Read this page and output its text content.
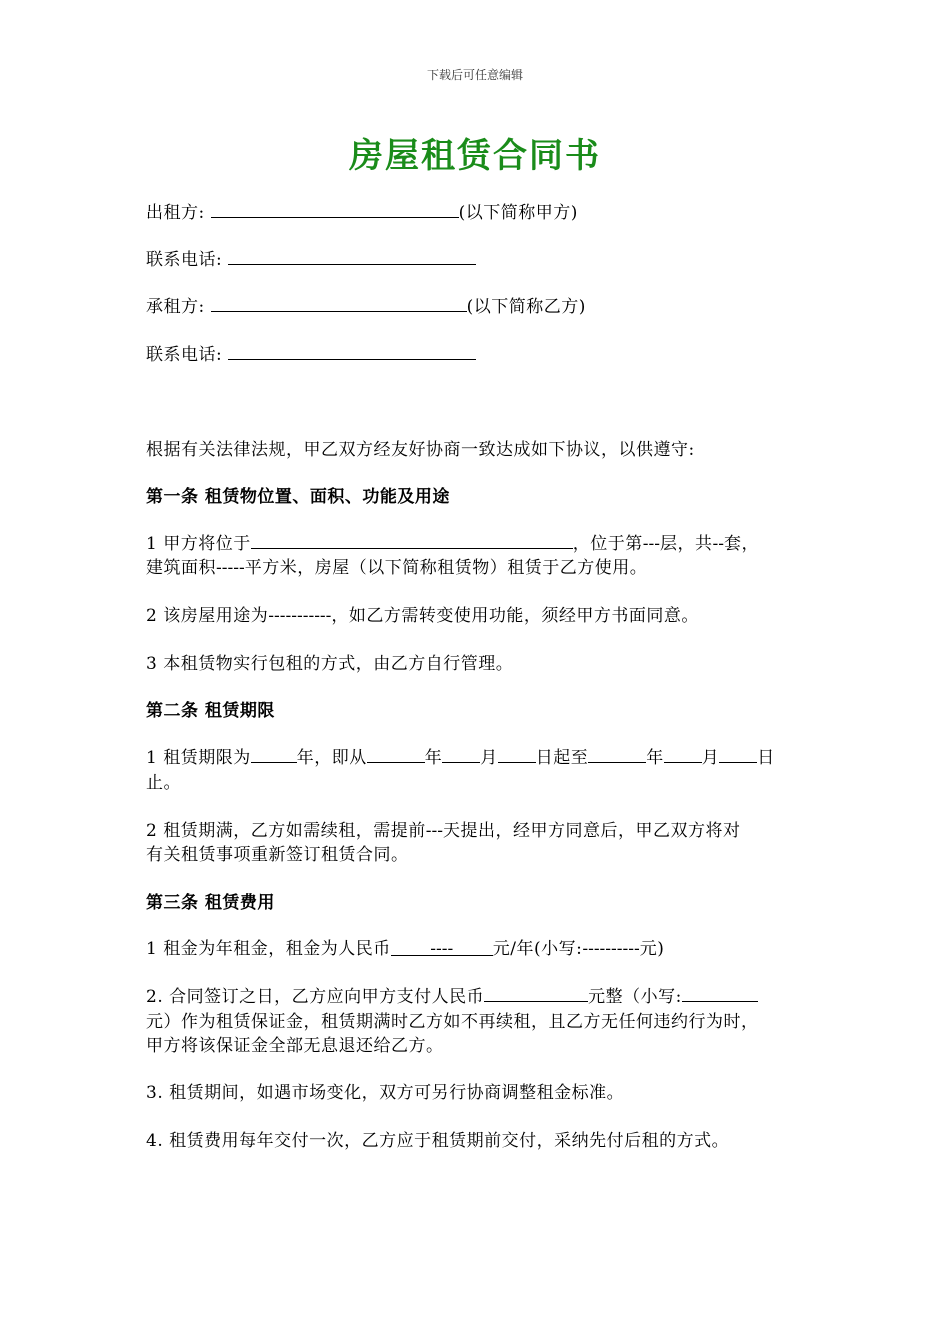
下载后可任意编辑
房屋租赁合同书
出租方:	(以下简称甲方)
联系电话:
承租方:	(以下简称乙方)
联系电话:
根据有关法律法规，甲乙双方经友好协商一致达成如下协议，以供遵守:
第一条 租赁物位置、面积、功能及用途
1 甲方将位于	，位于第---层，共--套，
建筑面积-----平方米，房屋（以下简称租赁物）租赁于乙方使用。
2 该房屋用途为-----------，如乙方需转变使用功能，须经甲方书面同意。
3 本租赁物实行包租的方式，由乙方自行管理。
第二条 租赁期限
1 租赁期限为	年，即从	年 月 日起至	年 月 日
止。
2 租赁期满，乙方如需续租，需提前---天提出，经甲方同意后，甲乙双方将对
有关租赁事项重新签订租赁合同。
第三条 租赁费用
1 租金为年租金，租金为人民币 ---- 元/年(小写:----------元)
2. 合同签订之日，乙方应向甲方支付人民币	元整（小写:
元）作为租赁保证金，租赁期满时乙方如不再续租，且乙方无任何违约行为时，
甲方将该保证金全部无息退还给乙方。
3. 租赁期间，如遇市场变化，双方可另行协商调整租金标准。
4. 租赁费用每年交付一次，乙方应于租赁期前交付，采纳先付后租的方式。
